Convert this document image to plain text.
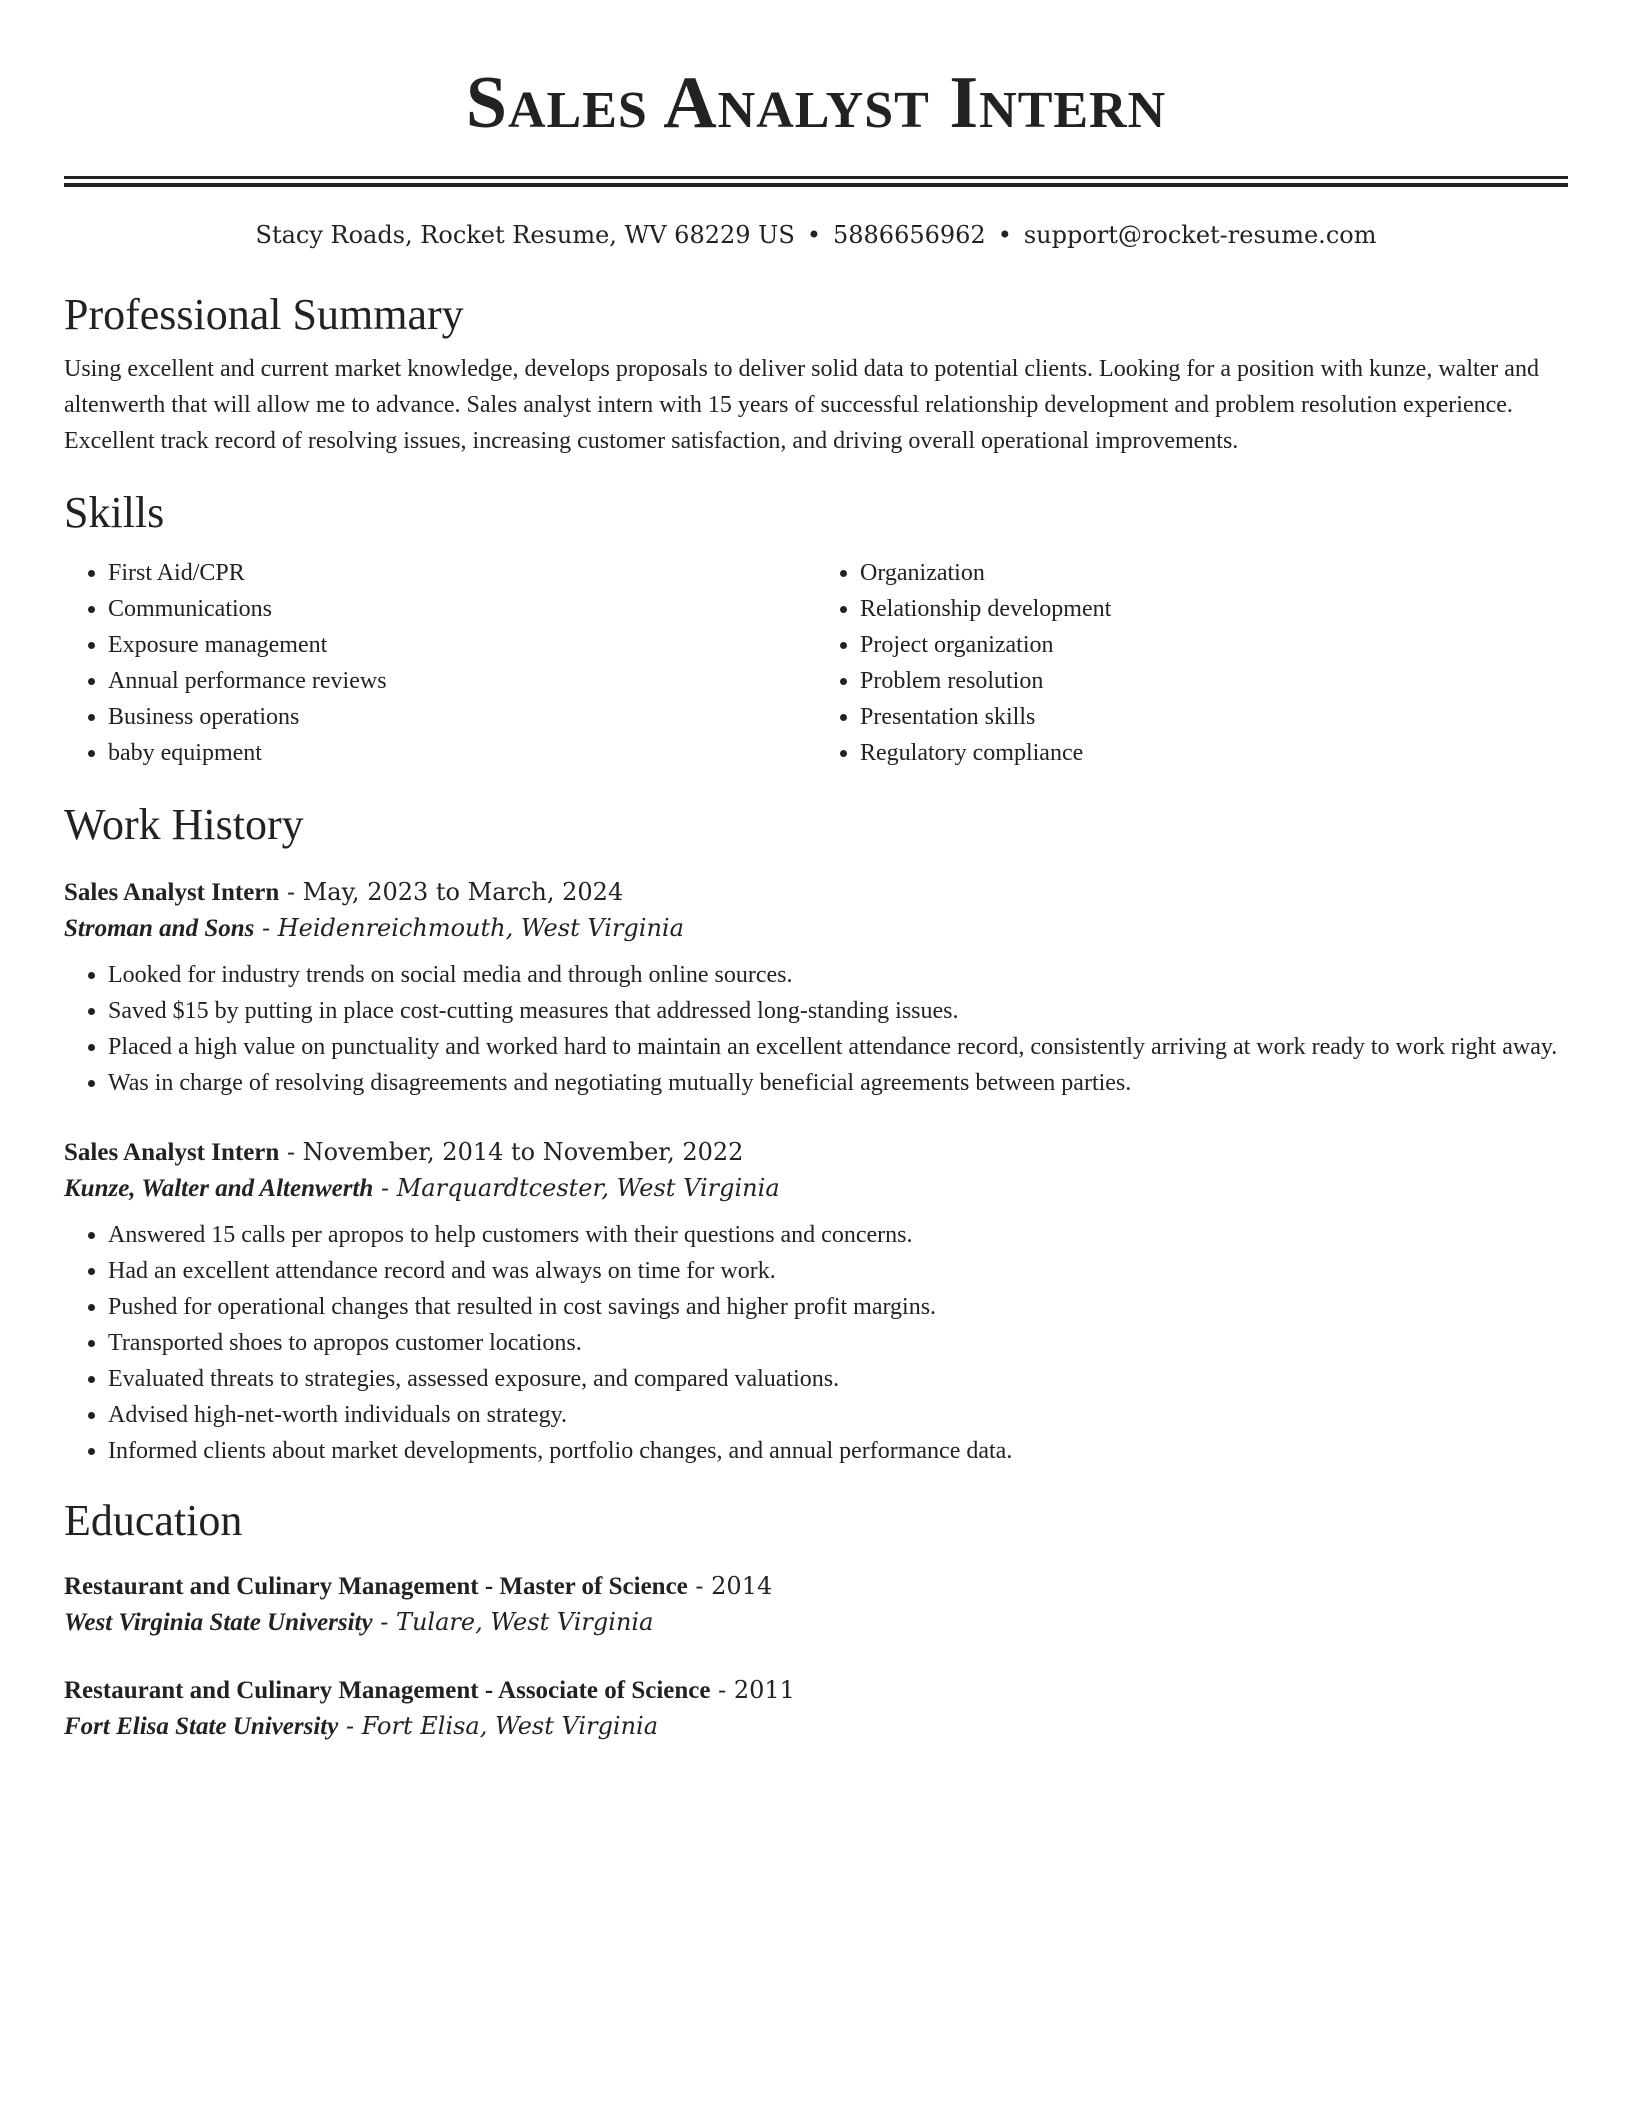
Sales Analyst Intern
Stacy Roads, Rocket Resume, WV 68229 US • 5886656962 • support@rocket-resume.com
Professional Summary

Using excellent and current market knowledge, develops proposals to deliver solid data to potential clients. Looking for a position with kunze, walter and altenwerth that will allow me to advance. Sales analyst intern with 15 years of successful relationship development and problem resolution experience. Excellent track record of resolving issues, increasing customer satisfaction, and driving overall operational improvements.

Skills
• First Aid/CPR
• Communications
• Exposure management
• Annual performance reviews
• Business operations
• baby equipment
• Organization
• Relationship development
• Project organization
• Problem resolution
• Presentation skills
• Regulatory compliance
Work History
Sales Analyst Intern - May, 2023 to March, 2024
Stroman and Sons - Heidenreichmouth, West Virginia
• Looked for industry trends on social media and through online sources.
• Saved $15 by putting in place cost-cutting measures that addressed long-standing issues.
• Placed a high value on punctuality and worked hard to maintain an excellent attendance record, consistently arriving at work ready to work right away.
• Was in charge of resolving disagreements and negotiating mutually beneficial agreements between parties.
Sales Analyst Intern - November, 2014 to November, 2022
Kunze, Walter and Altenwerth - Marquardtcester, West Virginia
• Answered 15 calls per apropos to help customers with their questions and concerns.
• Had an excellent attendance record and was always on time for work.
• Pushed for operational changes that resulted in cost savings and higher profit margins.
• Transported shoes to apropos customer locations.
• Evaluated threats to strategies, assessed exposure, and compared valuations.
• Advised high-net-worth individuals on strategy.
• Informed clients about market developments, portfolio changes, and annual performance data.
Education
Restaurant and Culinary Management - Master of Science - 2014
West Virginia State University - Tulare, West Virginia
Restaurant and Culinary Management - Associate of Science - 2011
Fort Elisa State University - Fort Elisa, West Virginia
